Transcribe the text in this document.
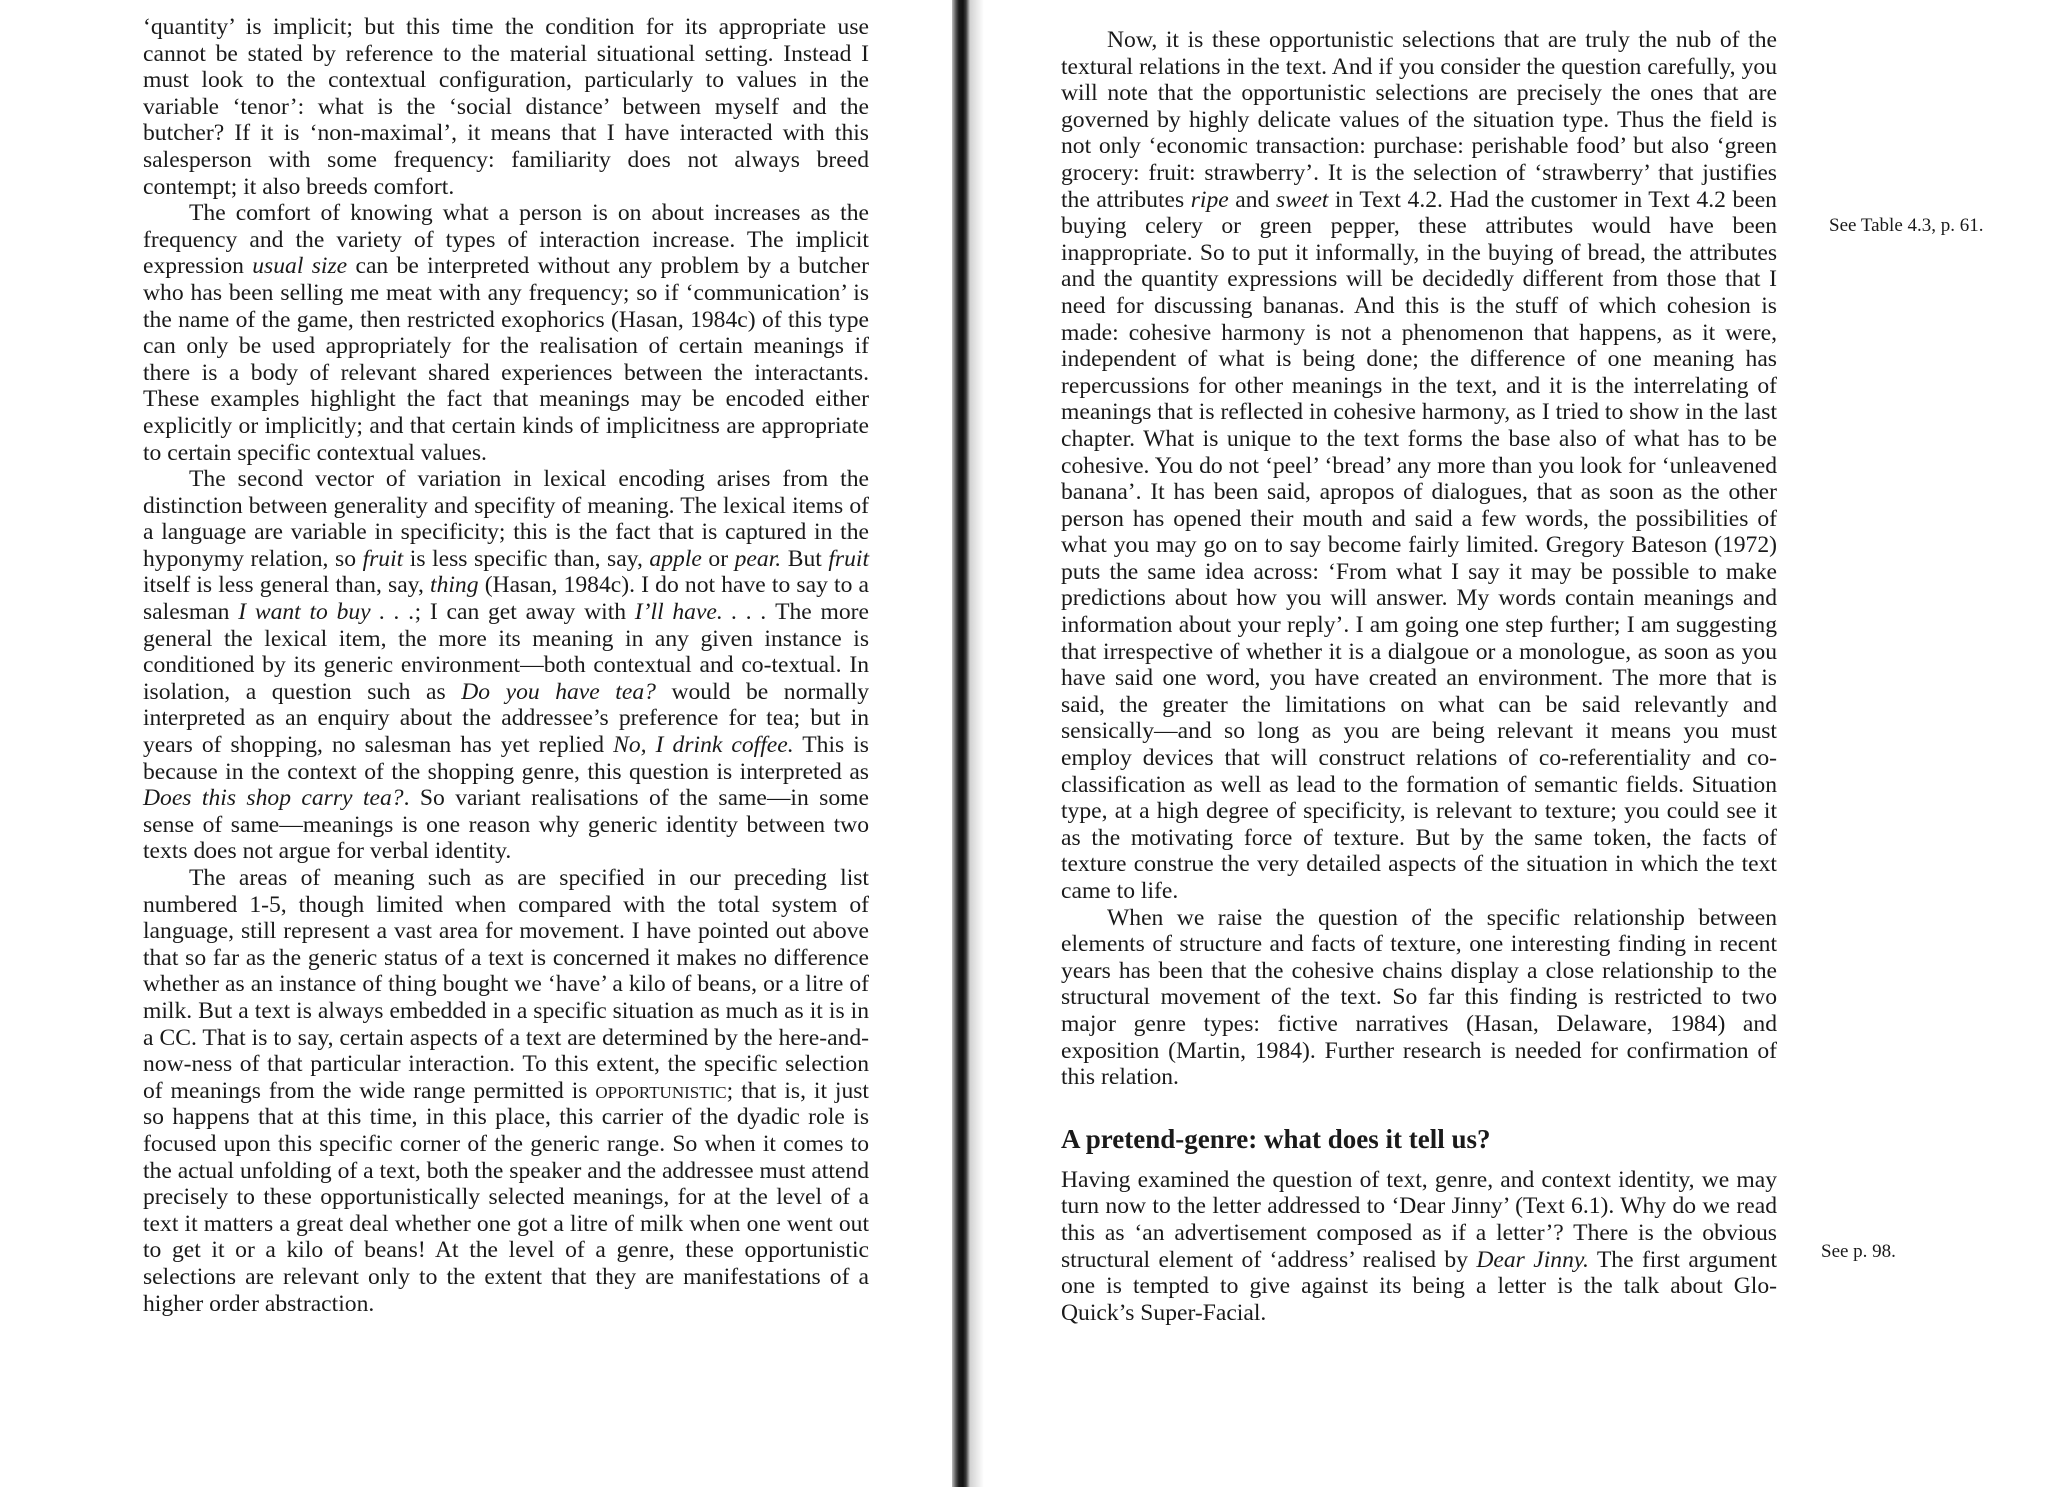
‘quantity’ is implicit; but this time the condition for its appropriate use cannot be stated by reference to the material situational setting. Instead I must look to the contextual configuration, particularly to values in the variable ‘tenor’: what is the ‘social distance’ between myself and the butcher? If it is ‘non-maximal’, it means that I have interacted with this salesperson with some frequency: familiarity does not always breed contempt; it also breeds comfort.

The comfort of knowing what a person is on about increases as the frequency and the variety of types of interaction increase. The implicit expression usual size can be interpreted without any problem by a butcher who has been selling me meat with any frequency; so if ‘communication’ is the name of the game, then restricted exophorics (Hasan, 1984c) of this type can only be used appropriately for the realisation of certain meanings if there is a body of relevant shared experiences between the interactants. These examples highlight the fact that meanings may be encoded either explicitly or implicitly; and that certain kinds of implicitness are appropriate to certain specific contextual values.

The second vector of variation in lexical encoding arises from the distinction between generality and specifity of meaning. The lexical items of a language are variable in specificity; this is the fact that is captured in the hyponymy relation, so fruit is less specific than, say, apple or pear. But fruit itself is less general than, say, thing (Hasan, 1984c). I do not have to say to a salesman I want to buy . . .; I can get away with I’ll have. . . . The more general the lexical item, the more its meaning in any given instance is conditioned by its generic environment—both contextual and co-textual. In isolation, a question such as Do you have tea? would be normally interpreted as an enquiry about the addressee’s preference for tea; but in years of shopping, no salesman has yet replied No, I drink coffee. This is because in the context of the shopping genre, this question is interpreted as Does this shop carry tea?. So variant realisations of the same—in some sense of same—meanings is one reason why generic identity between two texts does not argue for verbal identity.

The areas of meaning such as are specified in our preceding list numbered 1-5, though limited when compared with the total system of language, still represent a vast area for movement. I have pointed out above that so far as the generic status of a text is concerned it makes no difference whether as an instance of thing bought we ‘have’ a kilo of beans, or a litre of milk. But a text is always embedded in a specific situation as much as it is in a CC. That is to say, certain aspects of a text are determined by the here-and-now-ness of that particular interaction. To this extent, the specific selection of meanings from the wide range permitted is opportunistic; that is, it just so happens that at this time, in this place, this carrier of the dyadic role is focused upon this specific corner of the generic range. So when it comes to the actual unfolding of a text, both the speaker and the addressee must attend precisely to these opportunistically selected meanings, for at the level of a text it matters a great deal whether one got a litre of milk when one went out to get it or a kilo of beans! At the level of a genre, these opportunistic selections are relevant only to the extent that they are manifestations of a higher order abstraction.

Now, it is these opportunistic selections that are truly the nub of the textural relations in the text. And if you consider the question carefully, you will note that the opportunistic selections are precisely the ones that are governed by highly delicate values of the situation type. Thus the field is not only ‘economic transaction: purchase: perishable food’ but also ‘green grocery: fruit: strawberry’. It is the selection of ‘strawberry’ that justifies the attributes ripe and sweet in Text 4.2. Had the customer in Text 4.2 been buying celery or green pepper, these attributes would have been inappropriate. So to put it informally, in the buying of bread, the attributes and the quantity expressions will be decidedly different from those that I need for discussing bananas. And this is the stuff of which cohesion is made: cohesive harmony is not a phenomenon that happens, as it were, independent of what is being done; the difference of one meaning has repercussions for other meanings in the text, and it is the interrelating of meanings that is reflected in cohesive harmony, as I tried to show in the last chapter. What is unique to the text forms the base also of what has to be cohesive. You do not ‘peel’ ‘bread’ any more than you look for ‘unleavened banana’. It has been said, apropos of dialogues, that as soon as the other person has opened their mouth and said a few words, the possibilities of what you may go on to say become fairly limited. Gregory Bateson (1972) puts the same idea across: ‘From what I say it may be possible to make predictions about how you will answer. My words contain meanings and information about your reply’. I am going one step further; I am suggesting that irrespective of whether it is a dialgoue or a monologue, as soon as you have said one word, you have created an environment. The more that is said, the greater the limitations on what can be said relevantly and sensically—and so long as you are being relevant it means you must employ devices that will construct relations of co-referentiality and co-classification as well as lead to the formation of semantic fields. Situation type, at a high degree of specificity, is relevant to texture; you could see it as the motivating force of texture. But by the same token, the facts of texture construe the very detailed aspects of the situation in which the text came to life.

When we raise the question of the specific relationship between elements of structure and facts of texture, one interesting finding in recent years has been that the cohesive chains display a close relationship to the structural movement of the text. So far this finding is restricted to two major genre types: fictive narratives (Hasan, Delaware, 1984) and exposition (Martin, 1984). Further research is needed for confirmation of this relation.

A pretend-genre: what does it tell us?

Having examined the question of text, genre, and context identity, we may turn now to the letter addressed to ‘Dear Jinny’ (Text 6.1). Why do we read this as ‘an advertisement composed as if a letter’? There is the obvious structural element of ‘address’ realised by Dear Jinny. The first argument one is tempted to give against its being a letter is the talk about Glo-Quick’s Super-Facial.

See Table 4.3, p. 61.
See p. 98.
